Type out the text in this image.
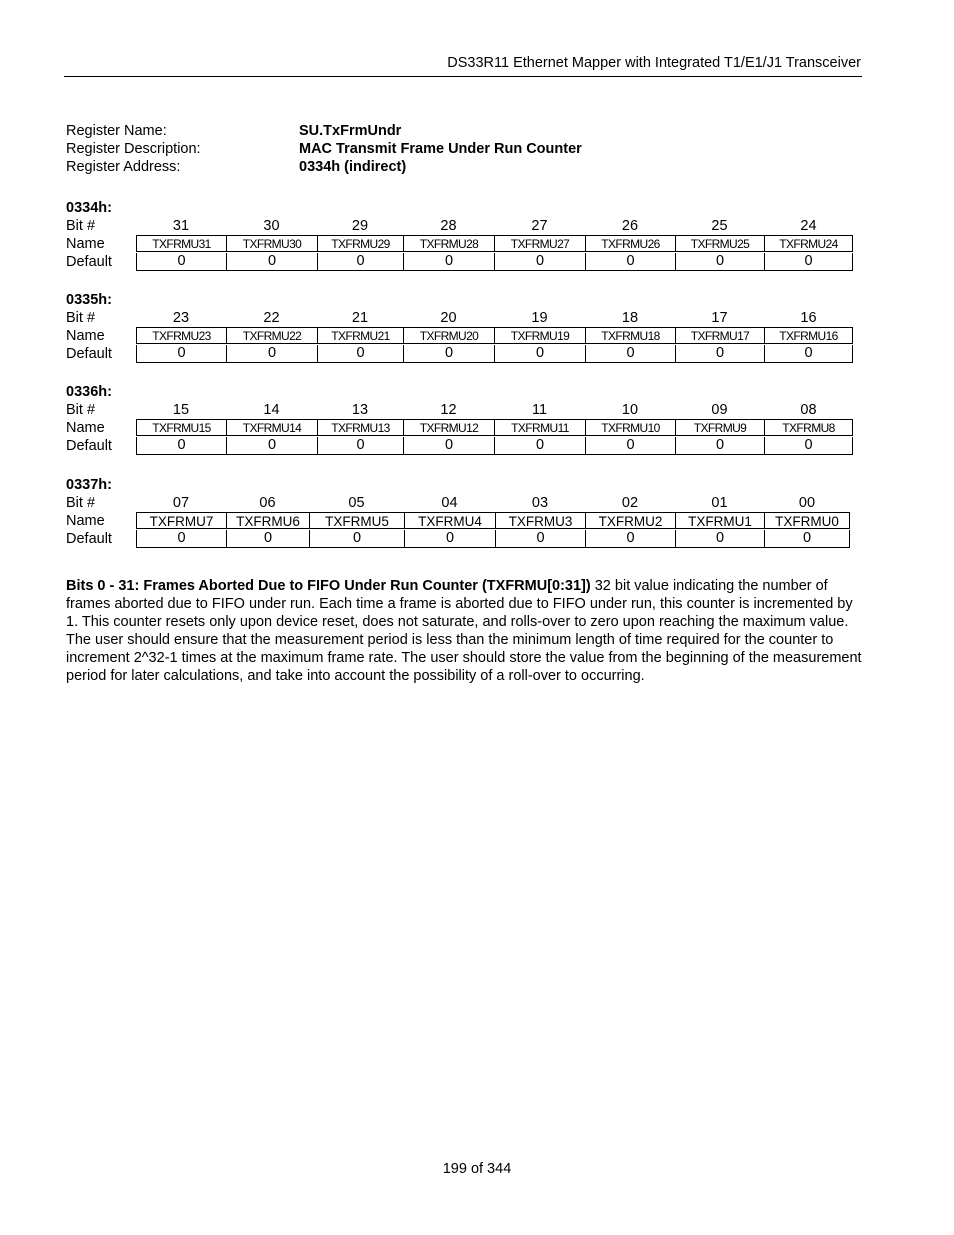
DS33R11 Ethernet Mapper with Integrated T1/E1/J1 Transceiver
Register Name:	SU.TxFrmUndr
Register Description:	MAC Transmit Frame Under Run Counter
Register Address:	0334h (indirect)
0334h:
Bit #	31	30	29	28	27	26	25	24
Name	TXFRMU31	TXFRMU30	TXFRMU29	TXFRMU28	TXFRMU27	TXFRMU26	TXFRMU25	TXFRMU24
Default	0	0	0	0	0	0	0	0
0335h:
Bit #	23	22	21	20	19	18	17	16
Name	TXFRMU23	TXFRMU22	TXFRMU21	TXFRMU20	TXFRMU19	TXFRMU18	TXFRMU17	TXFRMU16
Default	0	0	0	0	0	0	0	0
0336h:
Bit #	15	14	13	12	11	10	09	08
Name	TXFRMU15	TXFRMU14	TXFRMU13	TXFRMU12	TXFRMU11	TXFRMU10	TXFRMU9	TXFRMU8
Default	0	0	0	0	0	0	0	0
0337h:
Bit #	07	06	05	04	03	02	01	00
Name	TXFRMU7	TXFRMU6	TXFRMU5	TXFRMU4	TXFRMU3	TXFRMU2	TXFRMU1	TXFRMU0
Default	0	0	0	0	0	0	0	0
Bits 0 - 31: Frames Aborted Due to FIFO Under Run Counter (TXFRMU[0:31]) 32 bit value indicating the number of frames aborted due to FIFO under run. Each time a frame is aborted due to FIFO under run, this counter is incremented by 1. This counter resets only upon device reset, does not saturate, and rolls-over to zero upon reaching the maximum value. The user should ensure that the measurement period is less than the minimum length of time required for the counter to increment 2^32-1 times at the maximum frame rate. The user should store the value from the beginning of the measurement period for later calculations, and take into account the possibility of a roll-over to occurring.
199 of 344
